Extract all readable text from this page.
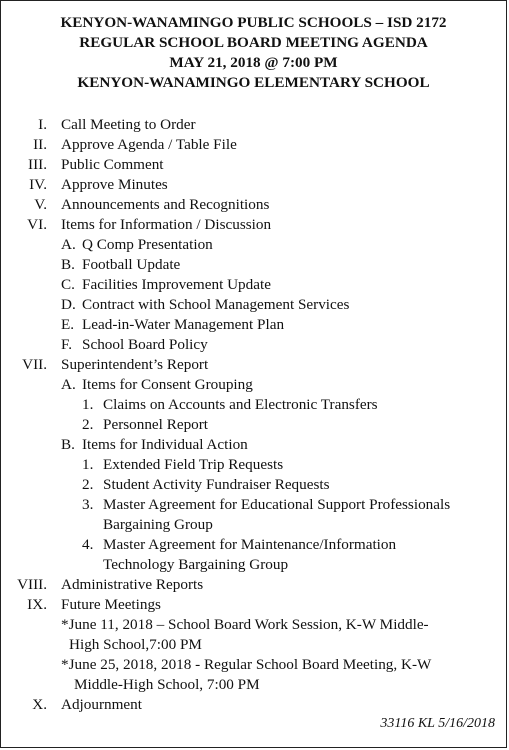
KENYON-WANAMINGO PUBLIC SCHOOLS – ISD 2172
REGULAR SCHOOL BOARD MEETING AGENDA
MAY 21, 2018 @ 7:00 PM
KENYON-WANAMINGO ELEMENTARY SCHOOL
I. Call Meeting to Order
II. Approve Agenda / Table File
III. Public Comment
IV. Approve Minutes
V. Announcements and Recognitions
VI. Items for Information / Discussion
A. Q Comp Presentation
B. Football Update
C. Facilities Improvement Update
D. Contract with School Management Services
E. Lead-in-Water Management Plan
F. School Board Policy
VII. Superintendent’s Report
A. Items for Consent Grouping
1. Claims on Accounts and Electronic Transfers
2. Personnel Report
B. Items for Individual Action
1. Extended Field Trip Requests
2. Student Activity Fundraiser Requests
3. Master Agreement for Educational Support Professionals
Bargaining Group
4. Master Agreement for Maintenance/Information
Technology Bargaining Group
VIII. Administrative Reports
IX. Future Meetings
*June 11, 2018 – School Board Work Session, K-W Middle-
High School,7:00 PM
*June 25, 2018, 2018 - Regular School Board Meeting, K-W
Middle-High School, 7:00 PM
X. Adjournment
33116 KL 5/16/2018
